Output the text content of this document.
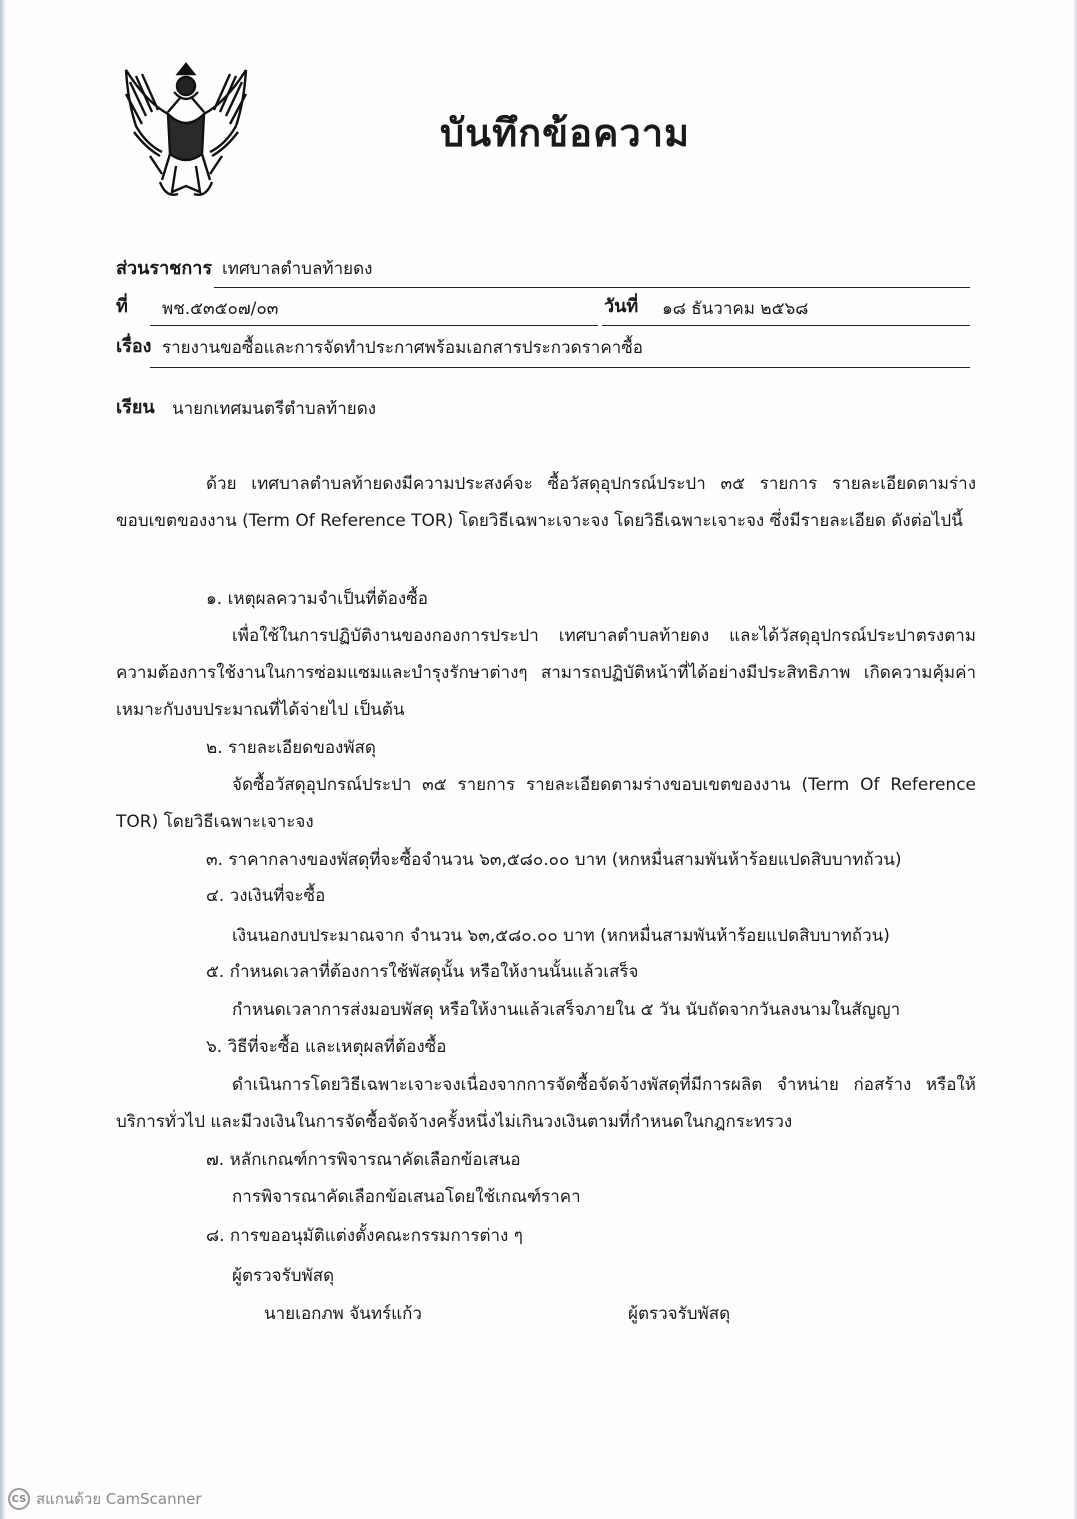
บันทึกข้อความ
ส่วนราชการ เทศบาลตำบลท้ายดง
ที่ พช.๕๓๕๐๗/๐๓	วันที่ ๑๘ ธันวาคม ๒๕๖๘
เรื่อง รายงานขอซื้อและการจัดทำประกาศพร้อมเอกสารประกวดราคาซื้อ
เรียน นายกเทศมนตรีตำบลท้ายดง
ด้วย เทศบาลตำบลท้ายดงมีความประสงค์จะ ซื้อวัสดุอุปกรณ์ประปา ๓๕ รายการ รายละเอียดตามร่างขอบเขตของงาน (Term Of Reference TOR) โดยวิธีเฉพาะเจาะจง โดยวิธีเฉพาะเจาะจง ซึ่งมีรายละเอียด ดังต่อไปนี้
๑. เหตุผลความจำเป็นที่ต้องซื้อ
เพื่อใช้ในการปฏิบัติงานของกองการประปา เทศบาลตำบลท้ายดง และได้วัสดุอุปกรณ์ประปาตรงตามความต้องการใช้งานในการซ่อมแซมและบำรุงรักษาต่างๆ สามารถปฏิบัติหน้าที่ได้อย่างมีประสิทธิภาพ เกิดความคุ้มค่าเหมาะกับงบประมาณที่ได้จ่ายไป เป็นต้น
๒. รายละเอียดของพัสดุ
จัดซื้อวัสดุอุปกรณ์ประปา ๓๕ รายการ รายละเอียดตามร่างขอบเขตของงาน (Term Of Reference TOR) โดยวิธีเฉพาะเจาะจง
๓. ราคากลางของพัสดุที่จะซื้อจำนวน ๖๓,๕๘๐.๐๐ บาท (หกหมื่นสามพันห้าร้อยแปดสิบบาทถ้วน)
๔. วงเงินที่จะซื้อ
เงินนอกงบประมาณจาก จำนวน ๖๓,๕๘๐.๐๐ บาท (หกหมื่นสามพันห้าร้อยแปดสิบบาทถ้วน)
๕. กำหนดเวลาที่ต้องการใช้พัสดุนั้น หรือให้งานนั้นแล้วเสร็จ
กำหนดเวลาการส่งมอบพัสดุ หรือให้งานแล้วเสร็จภายใน ๕ วัน นับถัดจากวันลงนามในสัญญา
๖. วิธีที่จะซื้อ และเหตุผลที่ต้องซื้อ
ดำเนินการโดยวิธีเฉพาะเจาะจงเนื่องจากการจัดซื้อจัดจ้างพัสดุที่มีการผลิต จำหน่าย ก่อสร้าง หรือให้บริการทั่วไป และมีวงเงินในการจัดซื้อจัดจ้างครั้งหนึ่งไม่เกินวงเงินตามที่กำหนดในกฎกระทรวง
๗. หลักเกณฑ์การพิจารณาคัดเลือกข้อเสนอ
การพิจารณาคัดเลือกข้อเสนอโดยใช้เกณฑ์ราคา
๘. การขออนุมัติแต่งตั้งคณะกรรมการต่าง ๆ
ผู้ตรวจรับพัสดุ
นายเอกภพ จันทร์แก้ว	ผู้ตรวจรับพัสดุ
CS สแกนด้วย CamScanner
